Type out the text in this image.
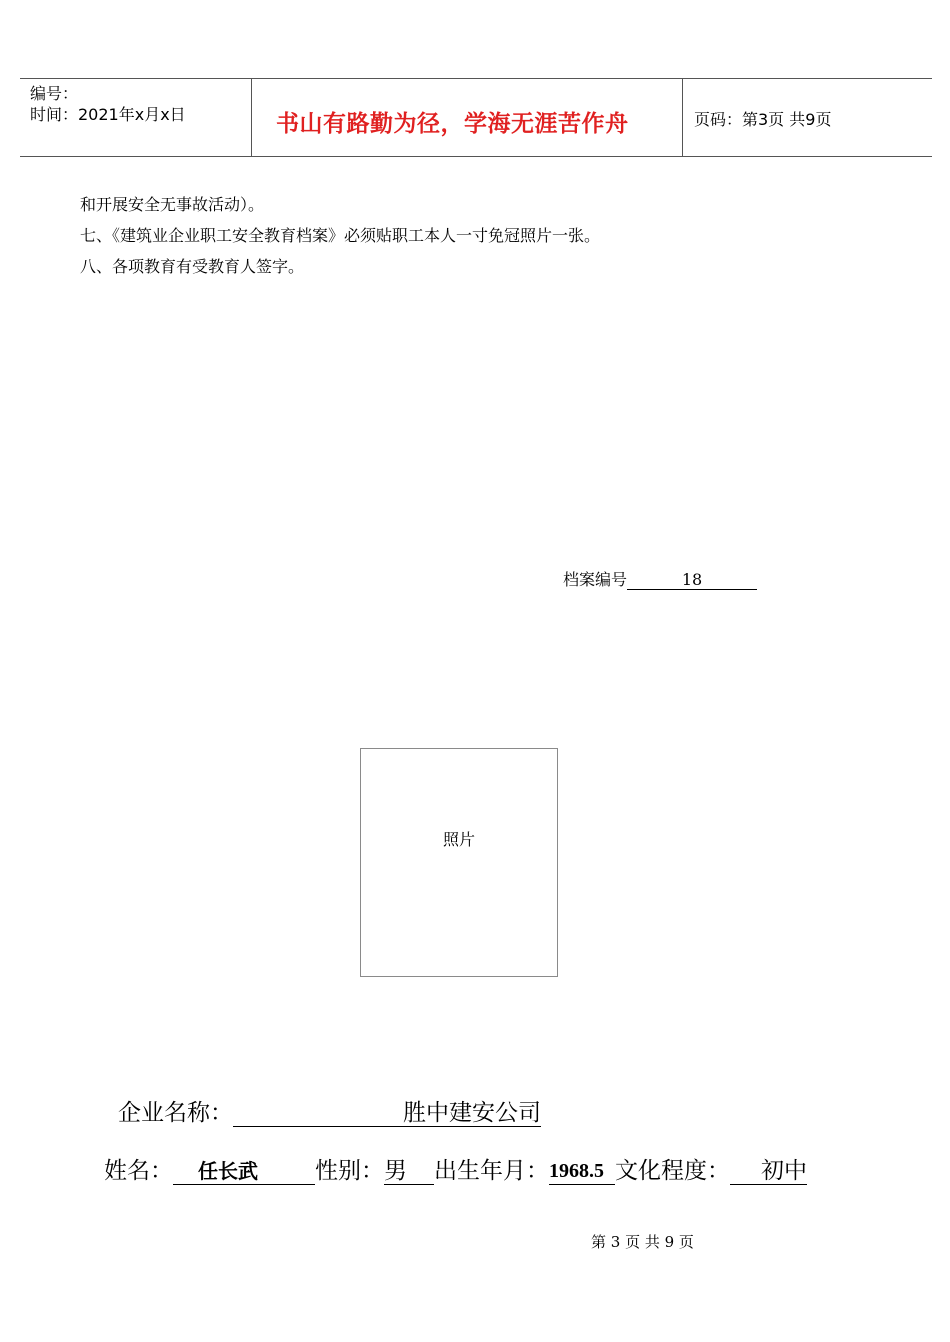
编号：
时间：2021年x月x日	书山有路勤为径，学海无涯苦作舟	页码：第3页 共9页
和开展安全无事故活动）。
七、《建筑业企业职工安全教育档案》必须贴职工本人一寸免冠照片一张。
八、各项教育有受教育人签字。
档案编号	18
照片
企业名称：	胜中建安公司
姓名： 任长武 性别：男 出生年月：1968.5 文化程度： 初中
第 3 页 共 9 页
